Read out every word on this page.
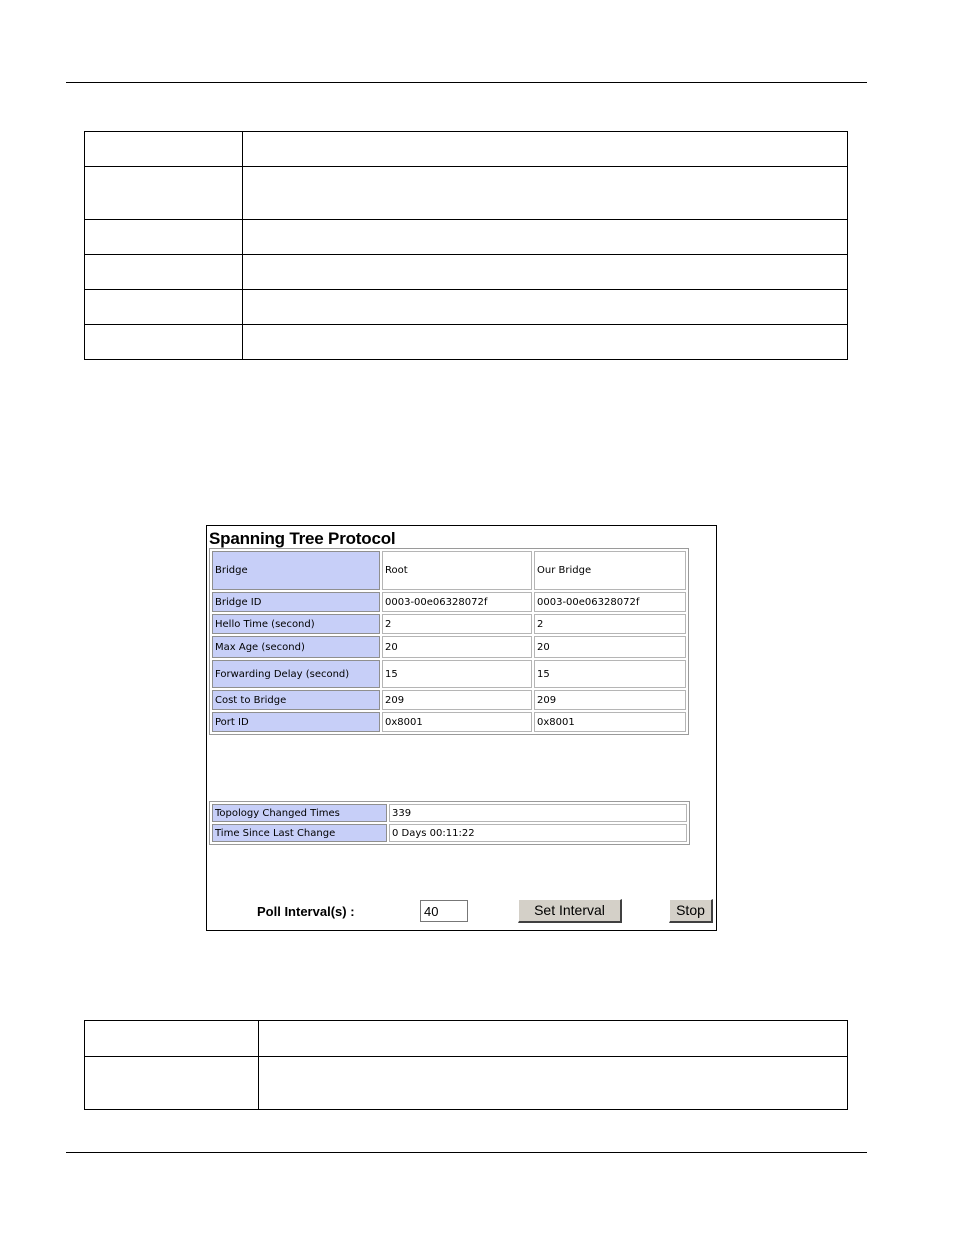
Spanning Tree Protocol
Bridge	Root	Our Bridge
Bridge ID	0003-00e06328072f	0003-00e06328072f
Hello Time (second)	2	2
Max Age (second)	20	20
Forwarding Delay (second)	15	15
Cost to Bridge	209	209
Port ID	0x8001	0x8001
Topology Changed Times	339
Time Since Last Change	0 Days 00:11:22
Poll Interval(s) :
40	Set Interval	Stop
